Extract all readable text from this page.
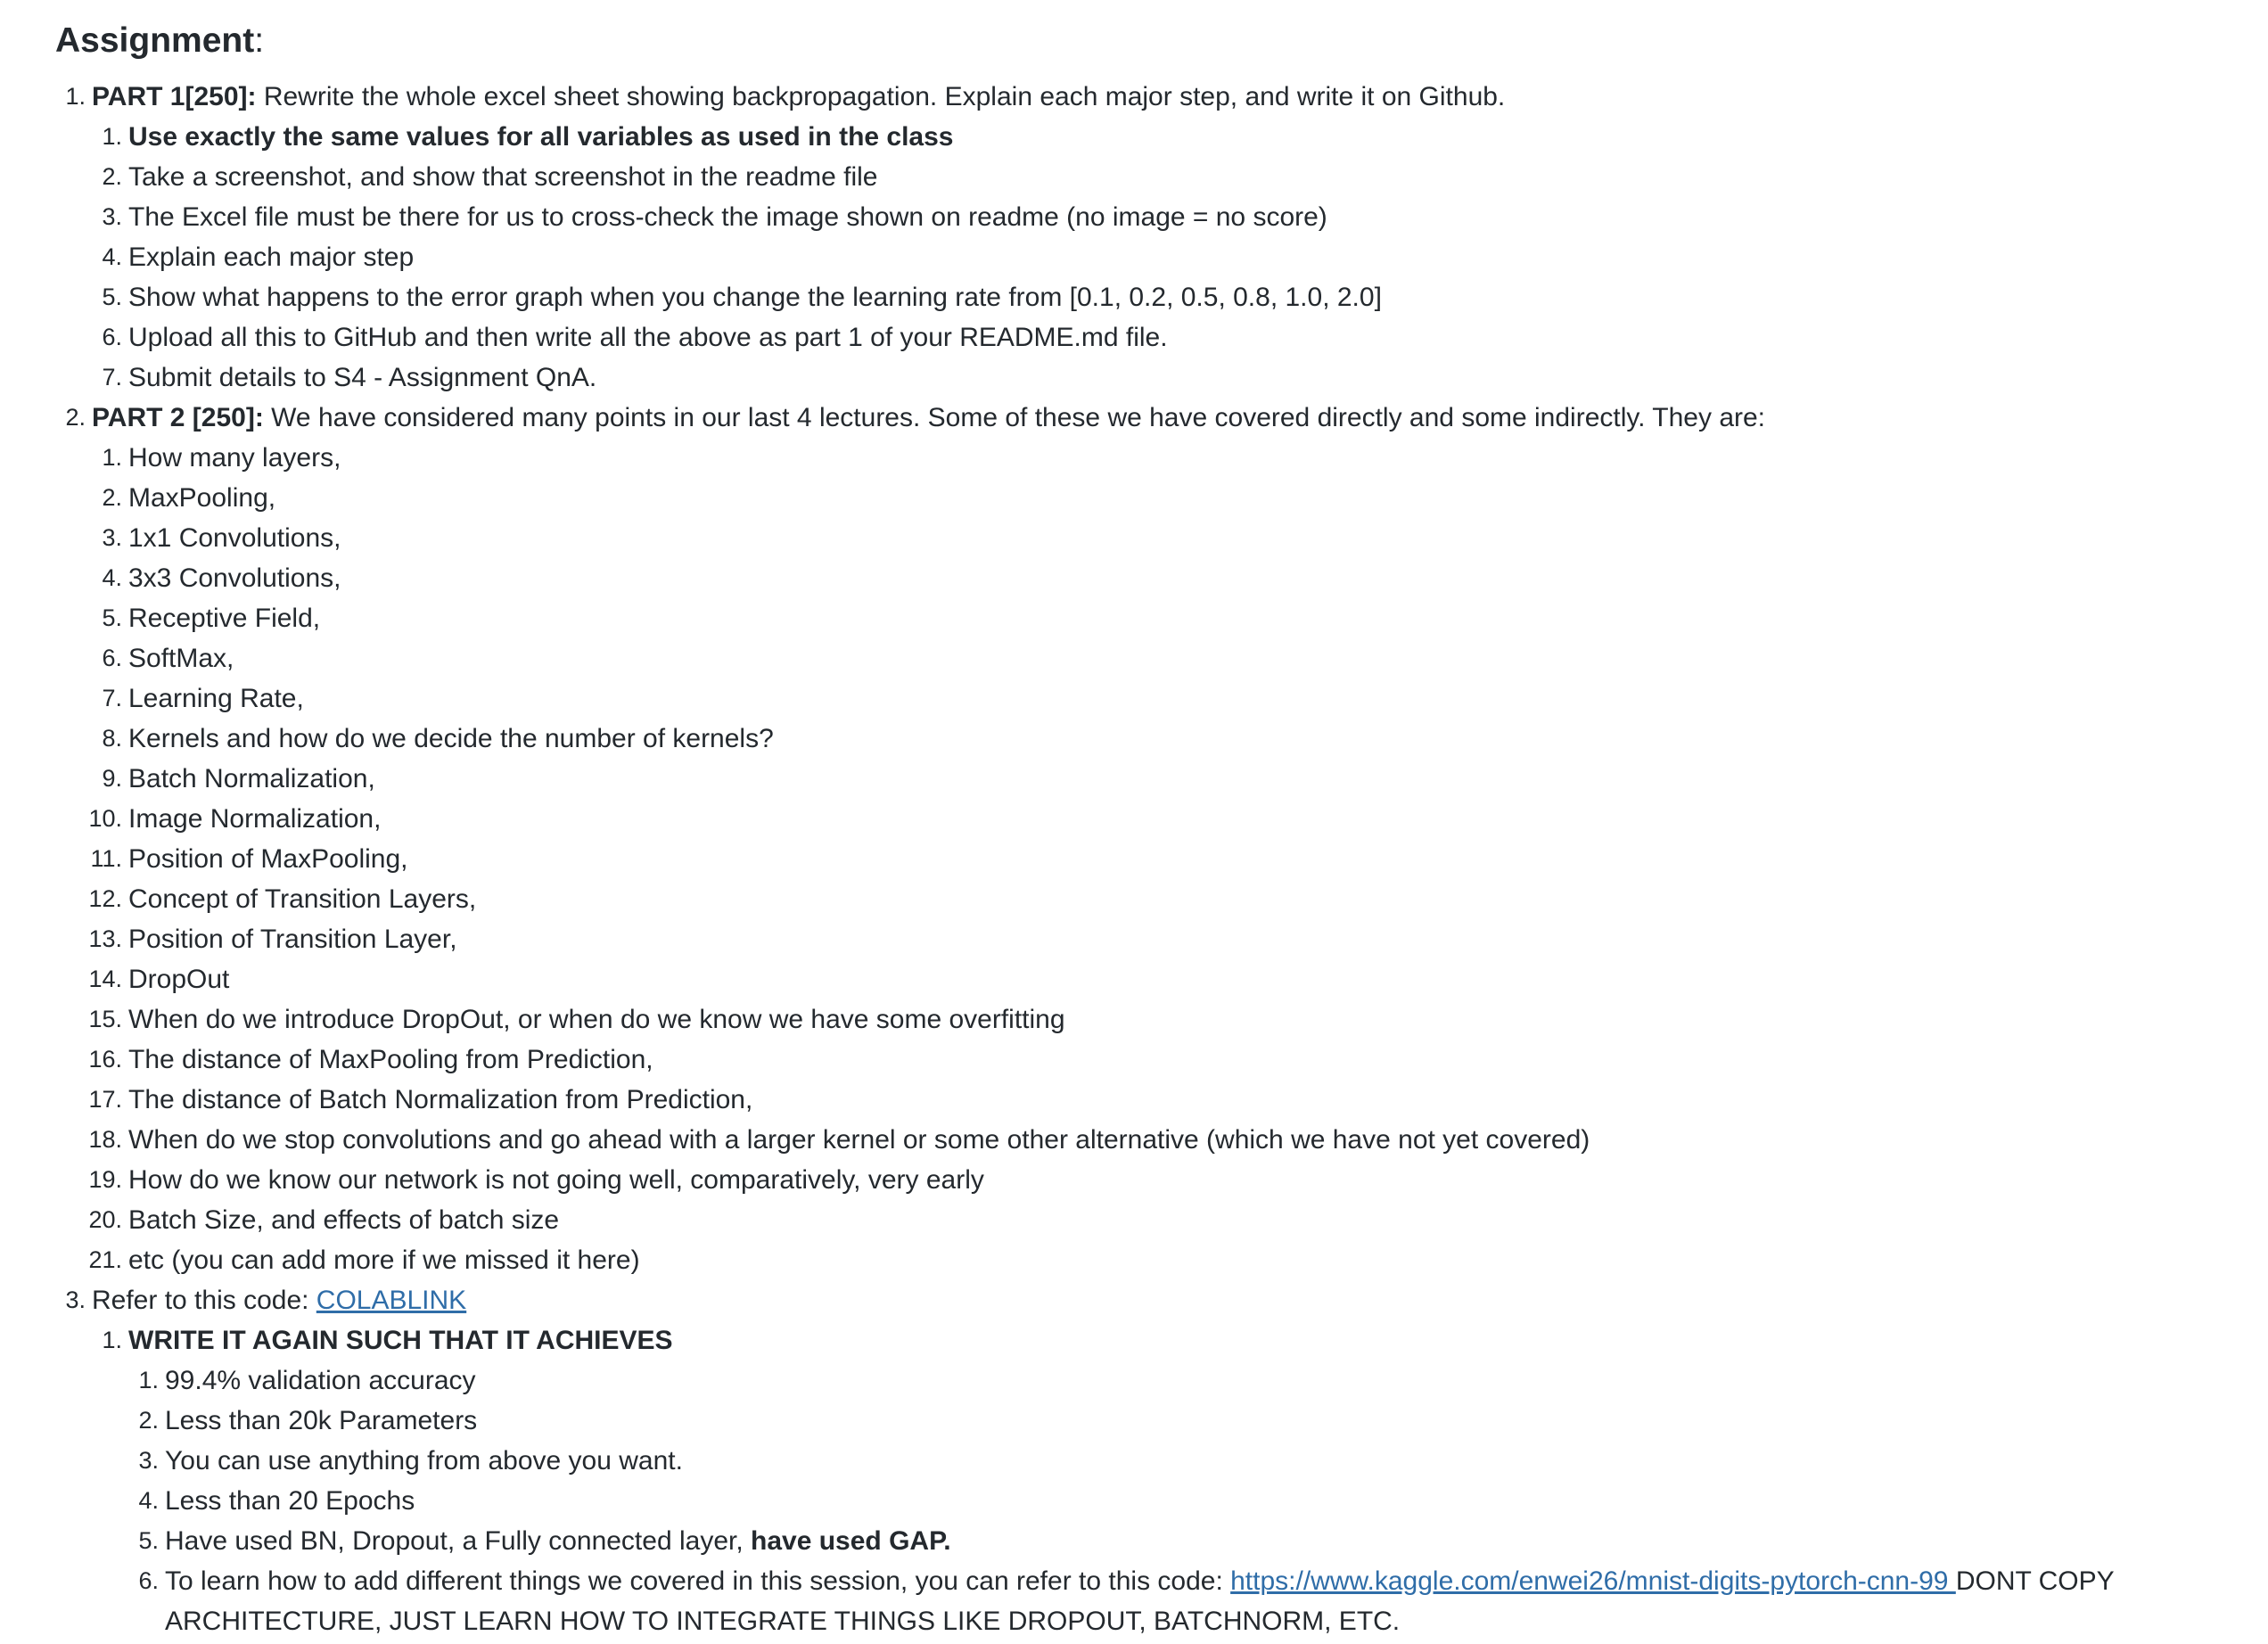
Assignment:
1. PART 1[250]: Rewrite the whole excel sheet showing backpropagation. Explain each major step, and write it on Github.
1. Use exactly the same values for all variables as used in the class
2. Take a screenshot, and show that screenshot in the readme file
3. The Excel file must be there for us to cross-check the image shown on readme (no image = no score)
4. Explain each major step
5. Show what happens to the error graph when you change the learning rate from [0.1, 0.2, 0.5, 0.8, 1.0, 2.0]
6. Upload all this to GitHub and then write all the above as part 1 of your README.md file.
7. Submit details to S4 - Assignment QnA.
2. PART 2 [250]: We have considered many points in our last 4 lectures. Some of these we have covered directly and some indirectly. They are:
1. How many layers,
2. MaxPooling,
3. 1x1 Convolutions,
4. 3x3 Convolutions,
5. Receptive Field,
6. SoftMax,
7. Learning Rate,
8. Kernels and how do we decide the number of kernels?
9. Batch Normalization,
10. Image Normalization,
11. Position of MaxPooling,
12. Concept of Transition Layers,
13. Position of Transition Layer,
14. DropOut
15. When do we introduce DropOut, or when do we know we have some overfitting
16. The distance of MaxPooling from Prediction,
17. The distance of Batch Normalization from Prediction,
18. When do we stop convolutions and go ahead with a larger kernel or some other alternative (which we have not yet covered)
19. How do we know our network is not going well, comparatively, very early
20. Batch Size, and effects of batch size
21. etc (you can add more if we missed it here)
3. Refer to this code: COLABLINK
1. WRITE IT AGAIN SUCH THAT IT ACHIEVES
1. 99.4% validation accuracy
2. Less than 20k Parameters
3. You can use anything from above you want.
4. Less than 20 Epochs
5. Have used BN, Dropout, a Fully connected layer, have used GAP.
6. To learn how to add different things we covered in this session, you can refer to this code: https://www.kaggle.com/enwei26/mnist-digits-pytorch-cnn-99 DONT COPY ARCHITECTURE, JUST LEARN HOW TO INTEGRATE THINGS LIKE DROPOUT, BATCHNORM, ETC.
